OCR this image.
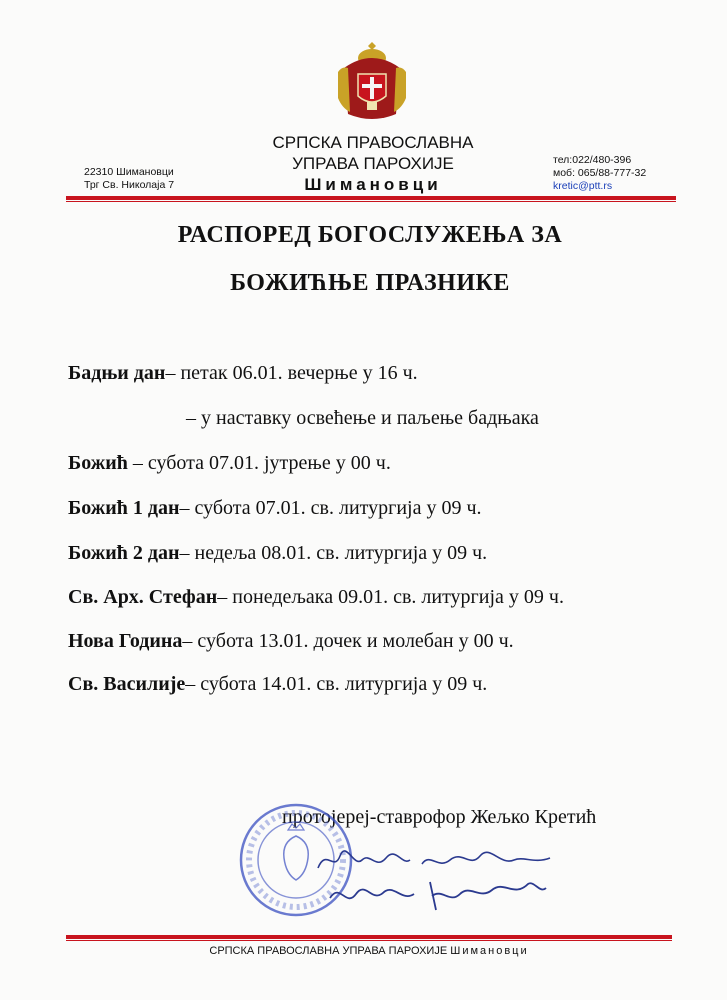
СРПСКА ПРАВОСЛАВНА
УПРАВА ПАРОХИЈЕ
Шимановци
22310 Шимановци
Трг Св. Николаја 7
тел:022/480-396
моб: 065/88-777-32
kretic@ptt.rs
РАСПОРЕД БОГОСЛУЖЕЊА ЗА
БОЖИЋЊЕ ПРАЗНИКЕ
Бадњи дан– петак 06.01. вечерње у 16 ч.
– у наставку освећење и паљење бадњака
Божић – субота 07.01. јутрење у 00 ч.
Божић 1 дан– субота 07.01. св. литургија у 09 ч.
Божић 2 дан– недеља 08.01. св. литургија у 09 ч.
Св. Арх. Стефан– понедељака 09.01. св. литургија у 09 ч.
Нова Година– субота 13.01. дочек и молебан у 00 ч.
Св. Василије– субота 14.01. св. литургија у 09 ч.
протојереј-ставрофор Жељко Кретић
СРПСКА ПРАВОСЛАВНА УПРАВА ПАРОХИЈЕ Шимановци
